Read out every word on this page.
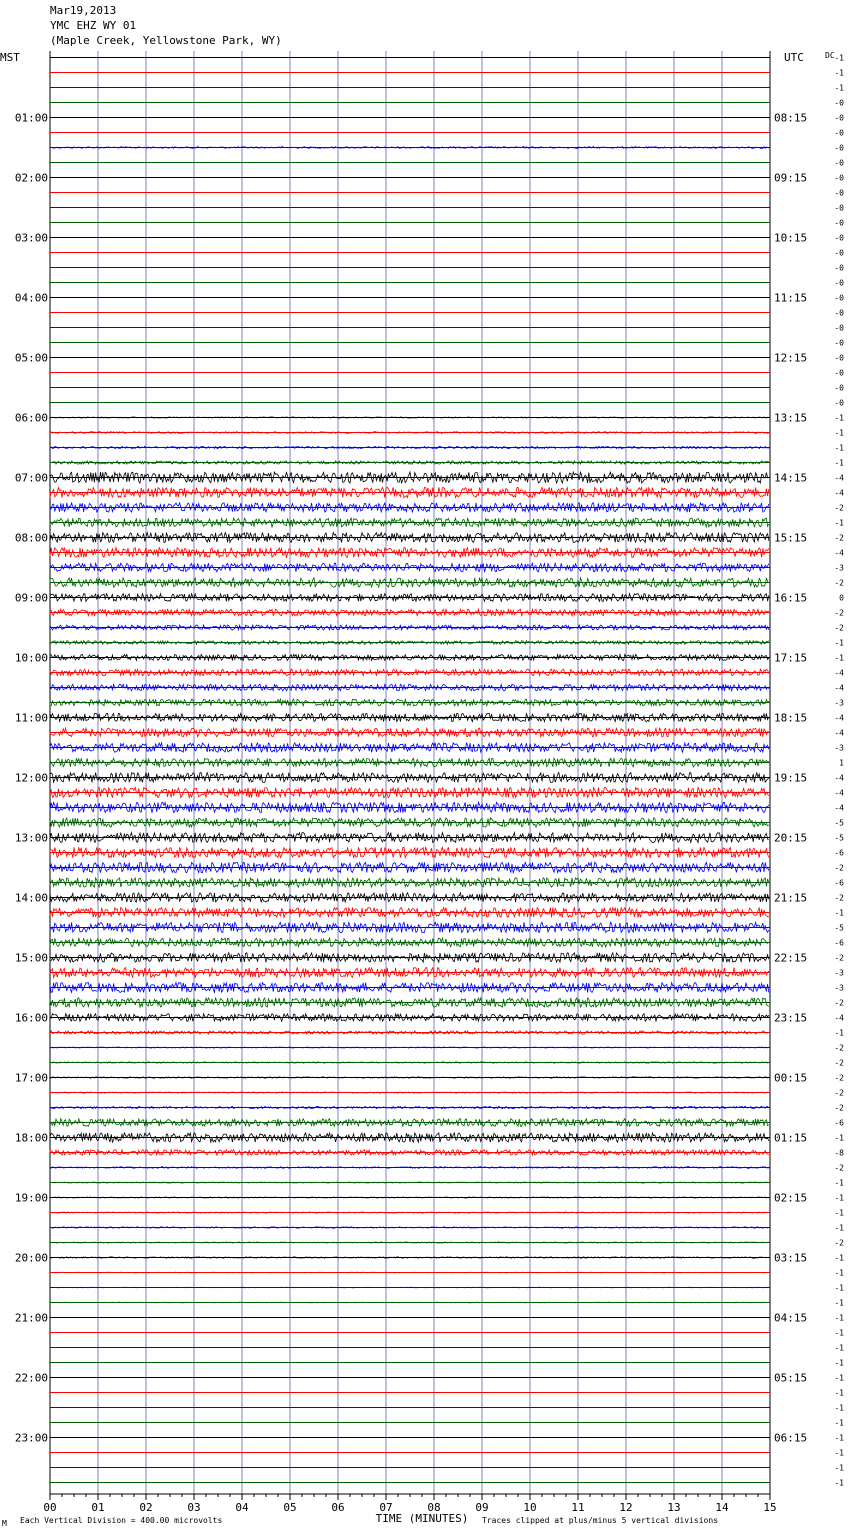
Mar19,2013
YMC EHZ WY 01
(Maple Creek, Yellowstone Park, WY)
01:00
02:00
03:00
04:00
05:00
06:00
07:00
08:00
09:00
10:00
11:00
12:00
13:00
14:00
15:00
16:00
17:00
18:00
19:00
20:00
21:00
22:00
23:00
08:15
09:15
10:15
11:15
12:15
13:15
14:15
15:15
16:15
17:15
18:15
19:15
20:15
21:15
22:15
23:15
00:15
01:15
02:15
03:15
04:15
05:15
06:15
-1
-1
-1
-0
-0
-0
-0
-0
-0
-0
-0
-0
-0
-0
-0
-0
-0
-0
-0
-0
-0
-0
-0
-0
-1
-1
-1
-1
-4
-4
-2
-1
-2
-4
-3
-2
0
-2
-2
-1
-1
-4
-4
-3
-4
-4
-3
1
-4
-4
-4
-5
-5
-6
-2
-6
-2
-1
-5
-6
-2
-3
-3
-2
-4
-1
-2
-2
-2
-2
-2
-6
-1
-8
-2
-1
-1
-1
-1
-2
-1
-1
-1
-1
-1
-1
-1
-1
-1
-1
-1
-1
-1
-1
-1
-1
00	01	02	03	04	05	06	07	08	09	10	11	12	13	14	15
MST	UTC	DC
TIME (MINUTES)
M Each Vertical Division = 400.00 microvolts	Traces clipped at plus/minus 5 vertical divisions
